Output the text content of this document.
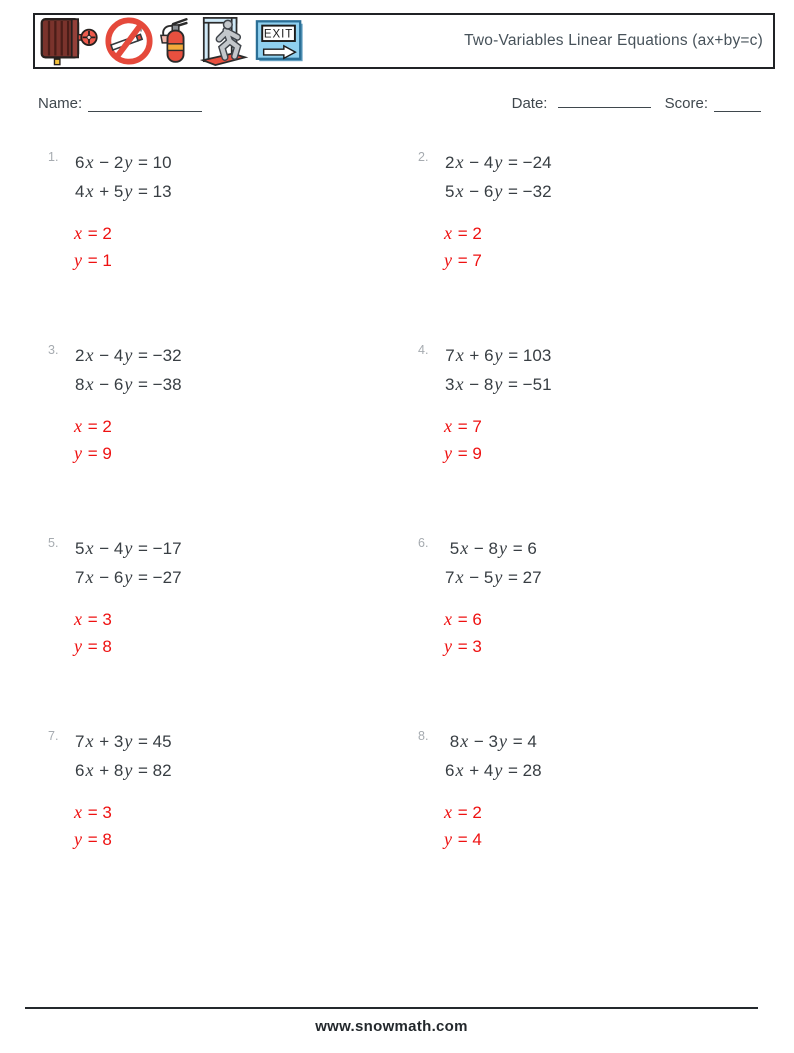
EXIT	Two-Variables Linear Equations (ax+by=c)
Name:	Date:	Score:
1. 6x − 2y = 10
4x + 5y = 13
x = 2
y = 1
2. 2x − 4y = −24
5x − 6y = −32
x = 2
y = 7
3. 2x − 4y = −32
8x − 6y = −38
x = 2
y = 9
4. 7x + 6y = 103
3x − 8y = −51
x = 7
y = 9
5. 5x − 4y = −17
7x − 6y = −27
x = 3
y = 8
6.	5x − 8y = 6
7x − 5y = 27
x = 6
y = 3
7. 7x + 3y = 45
6x + 8y = 82
x = 3
y = 8
8.	8x − 3y = 4
6x + 4y = 28
x = 2
y = 4
www.snowmath.com
